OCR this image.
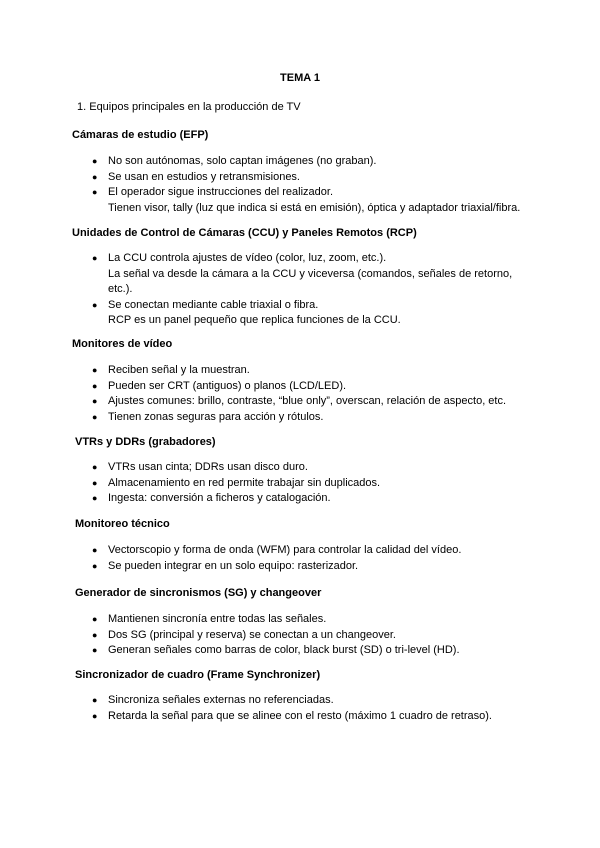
TEMA 1
1. Equipos principales en la producción de TV
Cámaras de estudio (EFP)
● No son autónomas, solo captan imágenes (no graban).
● Se usan en estudios y retransmisiones.
● El operador sigue instrucciones del realizador.
Tienen visor, tally (luz que indica si está en emisión), óptica y adaptador triaxial/fibra.
Unidades de Control de Cámaras (CCU) y Paneles Remotos (RCP)
● La CCU controla ajustes de vídeo (color, luz, zoom, etc.).
La señal va desde la cámara a la CCU y viceversa (comandos, señales de retorno,
etc.).
● Se conectan mediante cable triaxial o fibra.
RCP es un panel pequeño que replica funciones de la CCU.
Monitores de vídeo
● Reciben señal y la muestran.
● Pueden ser CRT (antiguos) o planos (LCD/LED).
● Ajustes comunes: brillo, contraste, “blue only”, overscan, relación de aspecto, etc.
● Tienen zonas seguras para acción y rótulos.
VTRs y DDRs (grabadores)
● VTRs usan cinta; DDRs usan disco duro.
● Almacenamiento en red permite trabajar sin duplicados.
● Ingesta: conversión a ficheros y catalogación.
Monitoreo técnico
● Vectorscopio y forma de onda (WFM) para controlar la calidad del vídeo.
● Se pueden integrar en un solo equipo: rasterizador.
Generador de sincronismos (SG) y changeover
● Mantienen sincronía entre todas las señales.
● Dos SG (principal y reserva) se conectan a un changeover.
● Generan señales como barras de color, black burst (SD) o tri-level (HD).
Sincronizador de cuadro (Frame Synchronizer)
● Sincroniza señales externas no referenciadas.
● Retarda la señal para que se alinee con el resto (máximo 1 cuadro de retraso).
